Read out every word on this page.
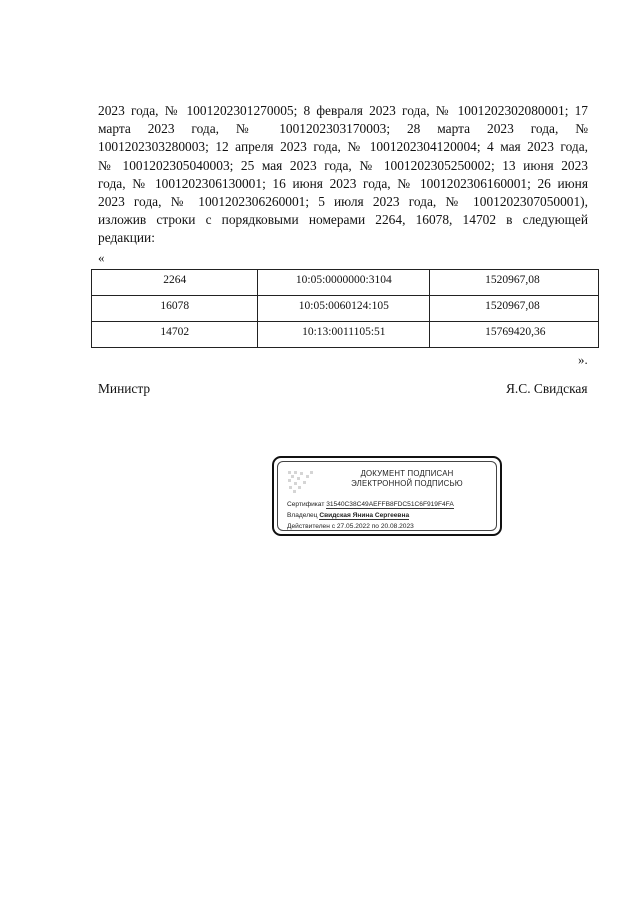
2023 года, № 1001202301270005; 8 февраля 2023 года, № 1001202302080001; 17
марта 2023 года, № 1001202303170003; 28 марта 2023 года, №
1001202303280003; 12 апреля 2023 года, № 1001202304120004; 4 мая 2023 года,
№ 1001202305040003; 25 мая 2023 года, № 1001202305250002; 13 июня 2023
года, № 1001202306130001; 16 июня 2023 года, № 1001202306160001; 26 июня
2023 года, № 1001202306260001; 5 июля 2023 года, № 1001202307050001),
изложив строки с порядковыми номерами 2264, 16078, 14702 в следующей
редакции:
«
2264	10:05:0000000:3104	1520967,08
16078	10:05:0060124:105	1520967,08
14702	10:13:0011105:51	15769420,36
».
Министр	Я.С. Свидская
ДОКУМЕНТ ПОДПИСАН
ЭЛЕКТРОННОЙ ПОДПИСЬЮ
Сертификат 31540C38C49AEFFB8FDC51C6F919F4FA
Владелец Свидская Янина Сергеевна
Действителен с 27.05.2022 по 20.08.2023
